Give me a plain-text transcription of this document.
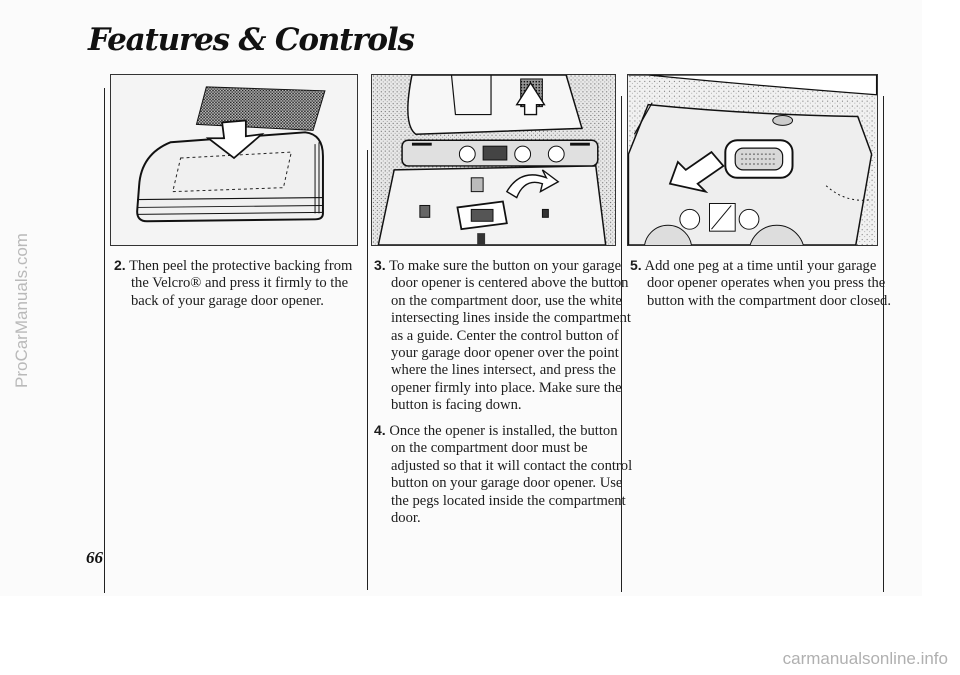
Features & Controls
ProCarManuals.com
66

2. Then peel the protective backing from the Velcro® and press it firmly to the back of your garage door opener.

3. To make sure the button on your garage door opener is centered above the button on the compartment door, use the white intersecting lines inside the compartment as a guide. Center the control button of your garage door opener over the point where the lines intersect, and press the opener firmly into place. Make sure the button is facing down.

4. Once the opener is installed, the button on the compartment door must be adjusted so that it will contact the control button on your garage door opener. Use the pegs located inside the compartment door.

5. Add one peg at a time until your garage door opener operates when you press the button with the compartment door closed.

carmanualsonline.info
